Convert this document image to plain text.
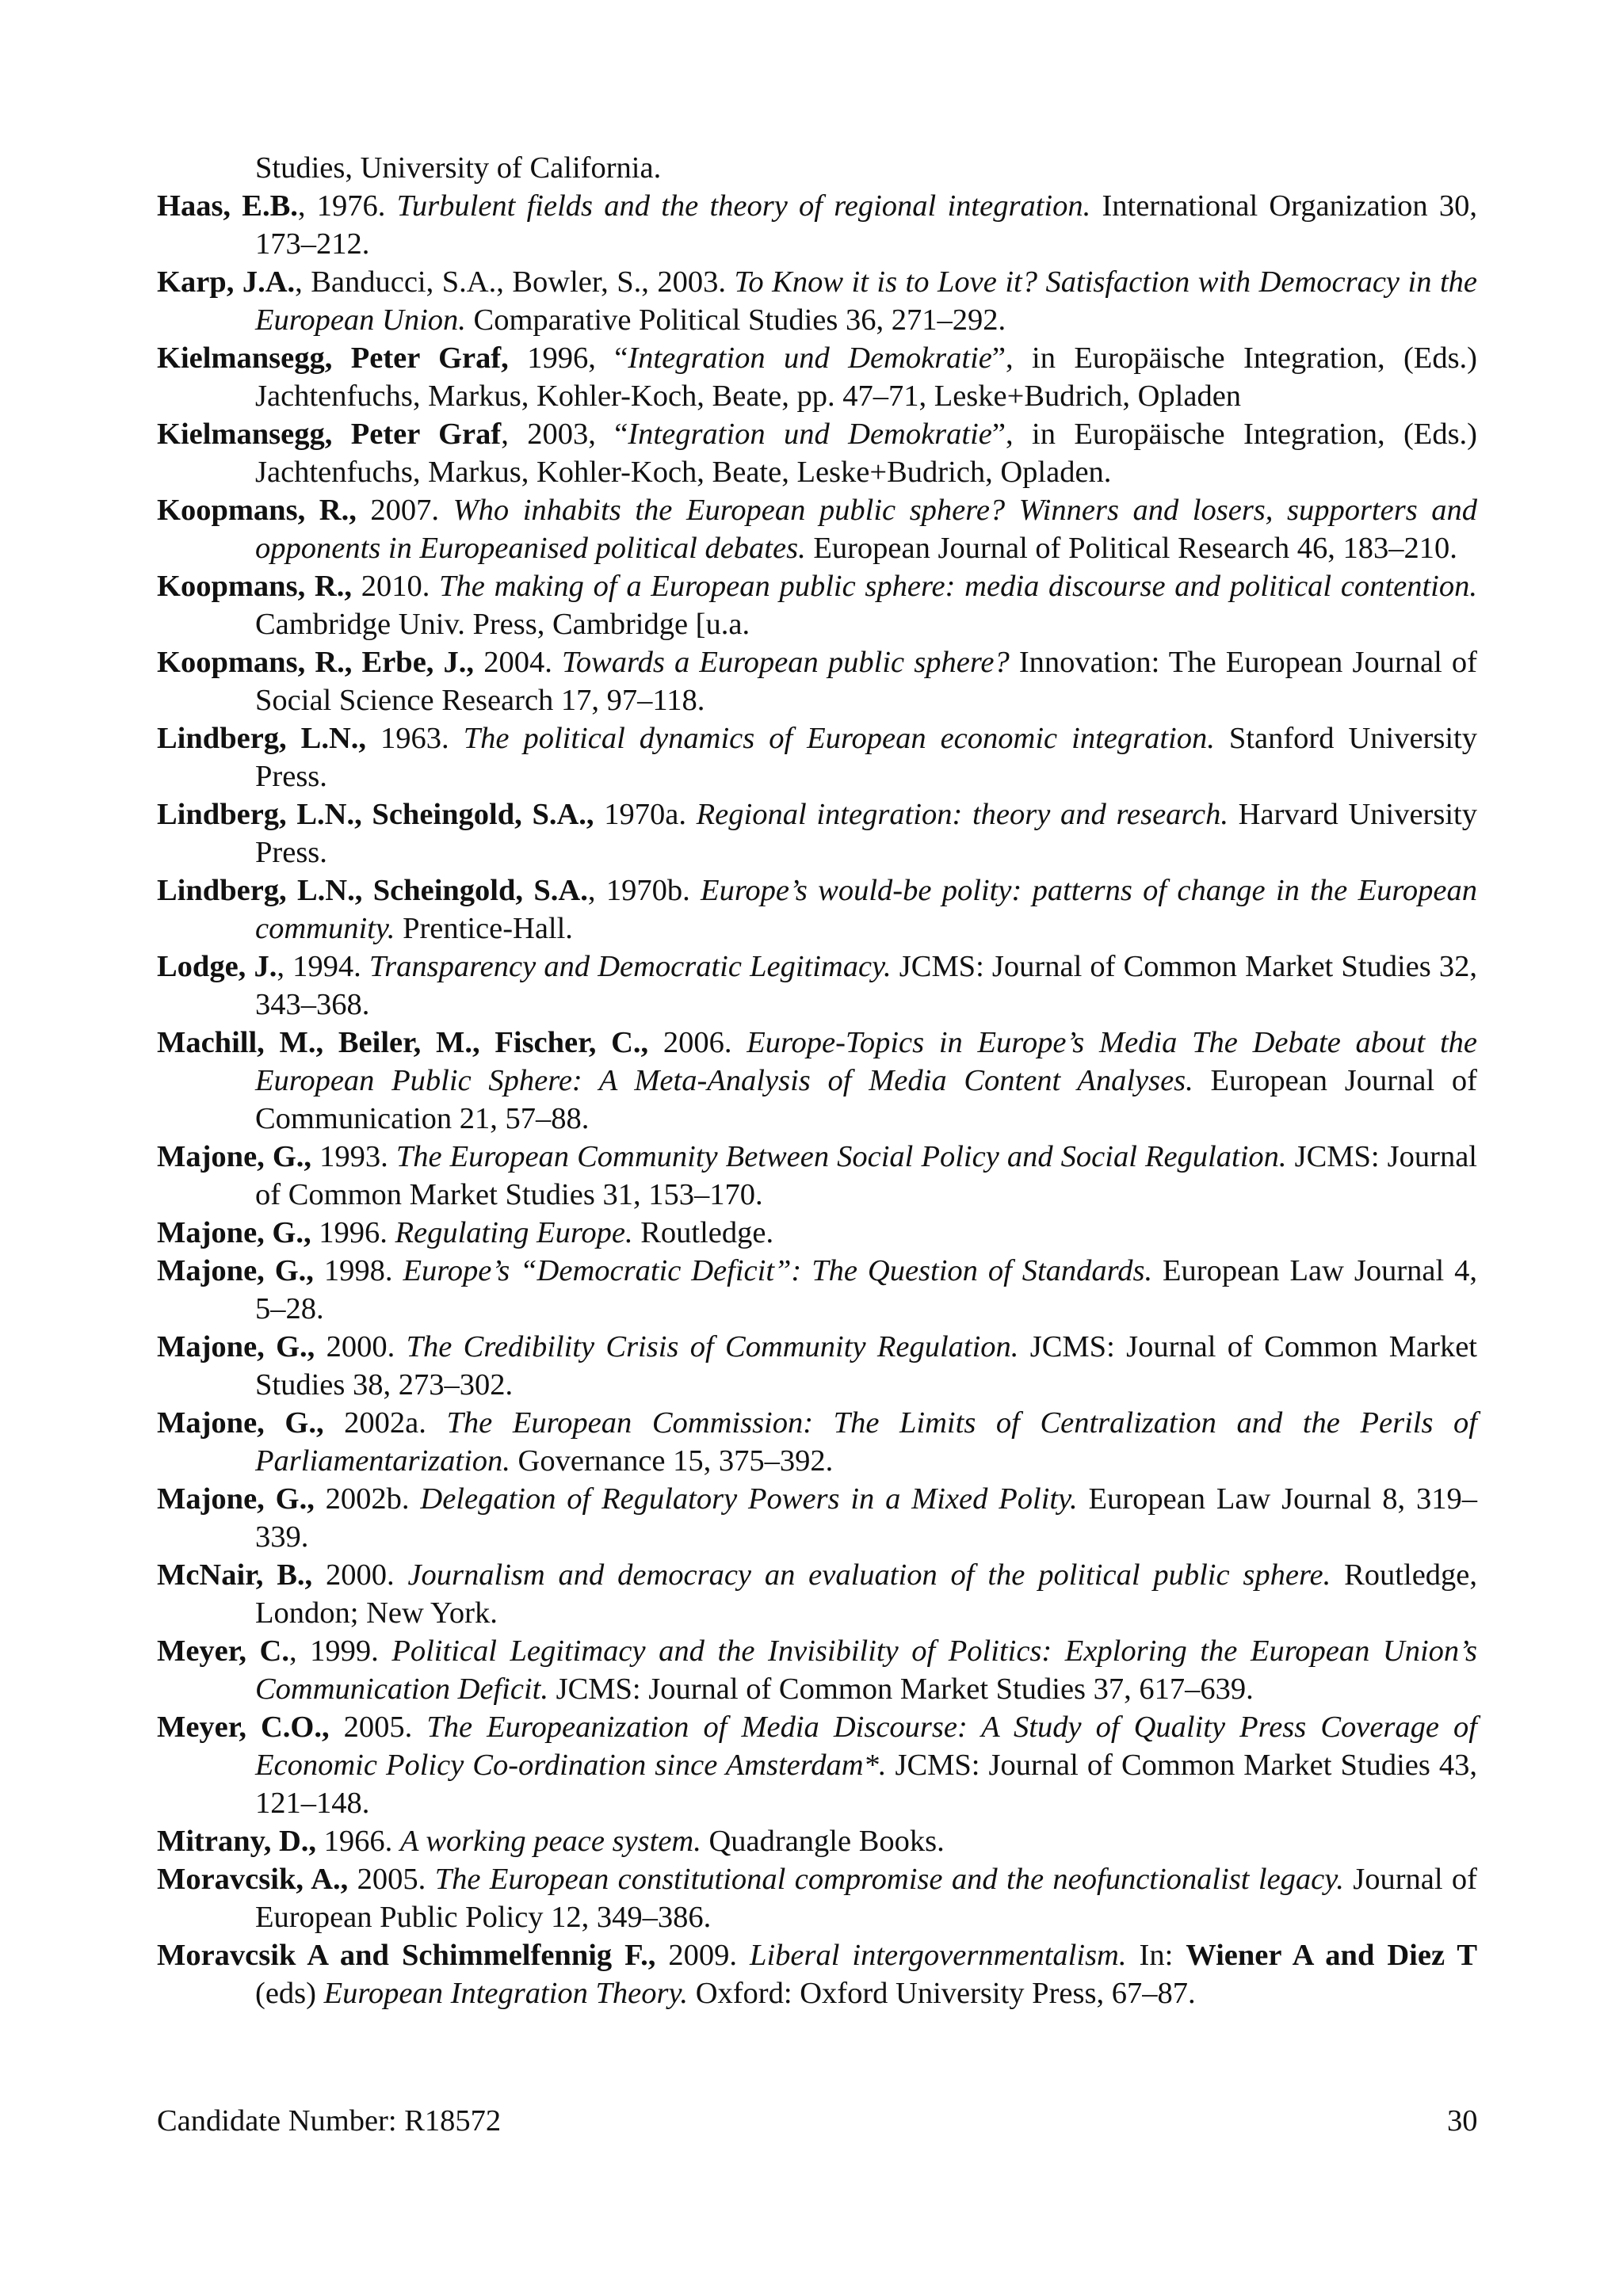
Studies, University of California.

Haas, E.B., 1976. Turbulent fields and the theory of regional integration. International Organization 30, 173–212.

Karp, J.A., Banducci, S.A., Bowler, S., 2003. To Know it is to Love it? Satisfaction with Democracy in the European Union. Comparative Political Studies 36, 271–292.

Kielmansegg, Peter Graf, 1996, “Integration und Demokratie”, in Europäische Integration, (Eds.) Jachtenfuchs, Markus, Kohler-Koch, Beate, pp. 47–71, Leske+Budrich, Opladen

Kielmansegg, Peter Graf, 2003, “Integration und Demokratie”, in Europäische Integration, (Eds.) Jachtenfuchs, Markus, Kohler-Koch, Beate, Leske+Budrich, Opladen.

Koopmans, R., 2007. Who inhabits the European public sphere? Winners and losers, supporters and opponents in Europeanised political debates. European Journal of Political Research 46, 183–210.

Koopmans, R., 2010. The making of a European public sphere: media discourse and political contention. Cambridge Univ. Press, Cambridge [u.a.

Koopmans, R., Erbe, J., 2004. Towards a European public sphere? Innovation: The European Journal of Social Science Research 17, 97–118.

Lindberg, L.N., 1963. The political dynamics of European economic integration. Stanford University Press.

Lindberg, L.N., Scheingold, S.A., 1970a. Regional integration: theory and research. Harvard University Press.

Lindberg, L.N., Scheingold, S.A., 1970b. Europe’s would-be polity: patterns of change in the European community. Prentice-Hall.

Lodge, J., 1994. Transparency and Democratic Legitimacy. JCMS: Journal of Common Market Studies 32, 343–368.

Machill, M., Beiler, M., Fischer, C., 2006. Europe-Topics in Europe’s Media The Debate about the European Public Sphere: A Meta-Analysis of Media Content Analyses. European Journal of Communication 21, 57–88.

Majone, G., 1993. The European Community Between Social Policy and Social Regulation. JCMS: Journal of Common Market Studies 31, 153–170.

Majone, G., 1996. Regulating Europe. Routledge.

Majone, G., 1998. Europe’s “Democratic Deficit”: The Question of Standards. European Law Journal 4, 5–28.

Majone, G., 2000. The Credibility Crisis of Community Regulation. JCMS: Journal of Common Market Studies 38, 273–302.

Majone, G., 2002a. The European Commission: The Limits of Centralization and the Perils of Parliamentarization. Governance 15, 375–392.

Majone, G., 2002b. Delegation of Regulatory Powers in a Mixed Polity. European Law Journal 8, 319–339.

McNair, B., 2000. Journalism and democracy an evaluation of the political public sphere. Routledge, London; New York.

Meyer, C., 1999. Political Legitimacy and the Invisibility of Politics: Exploring the European Union’s Communication Deficit. JCMS: Journal of Common Market Studies 37, 617–639.

Meyer, C.O., 2005. The Europeanization of Media Discourse: A Study of Quality Press Coverage of Economic Policy Co-ordination since Amsterdam*. JCMS: Journal of Common Market Studies 43, 121–148.

Mitrany, D., 1966. A working peace system. Quadrangle Books.

Moravcsik, A., 2005. The European constitutional compromise and the neofunctionalist legacy. Journal of European Public Policy 12, 349–386.

Moravcsik A and Schimmelfennig F., 2009. Liberal intergovernmentalism. In: Wiener A and Diez T (eds) European Integration Theory. Oxford: Oxford University Press, 67–87.

Candidate Number: R18572	30
